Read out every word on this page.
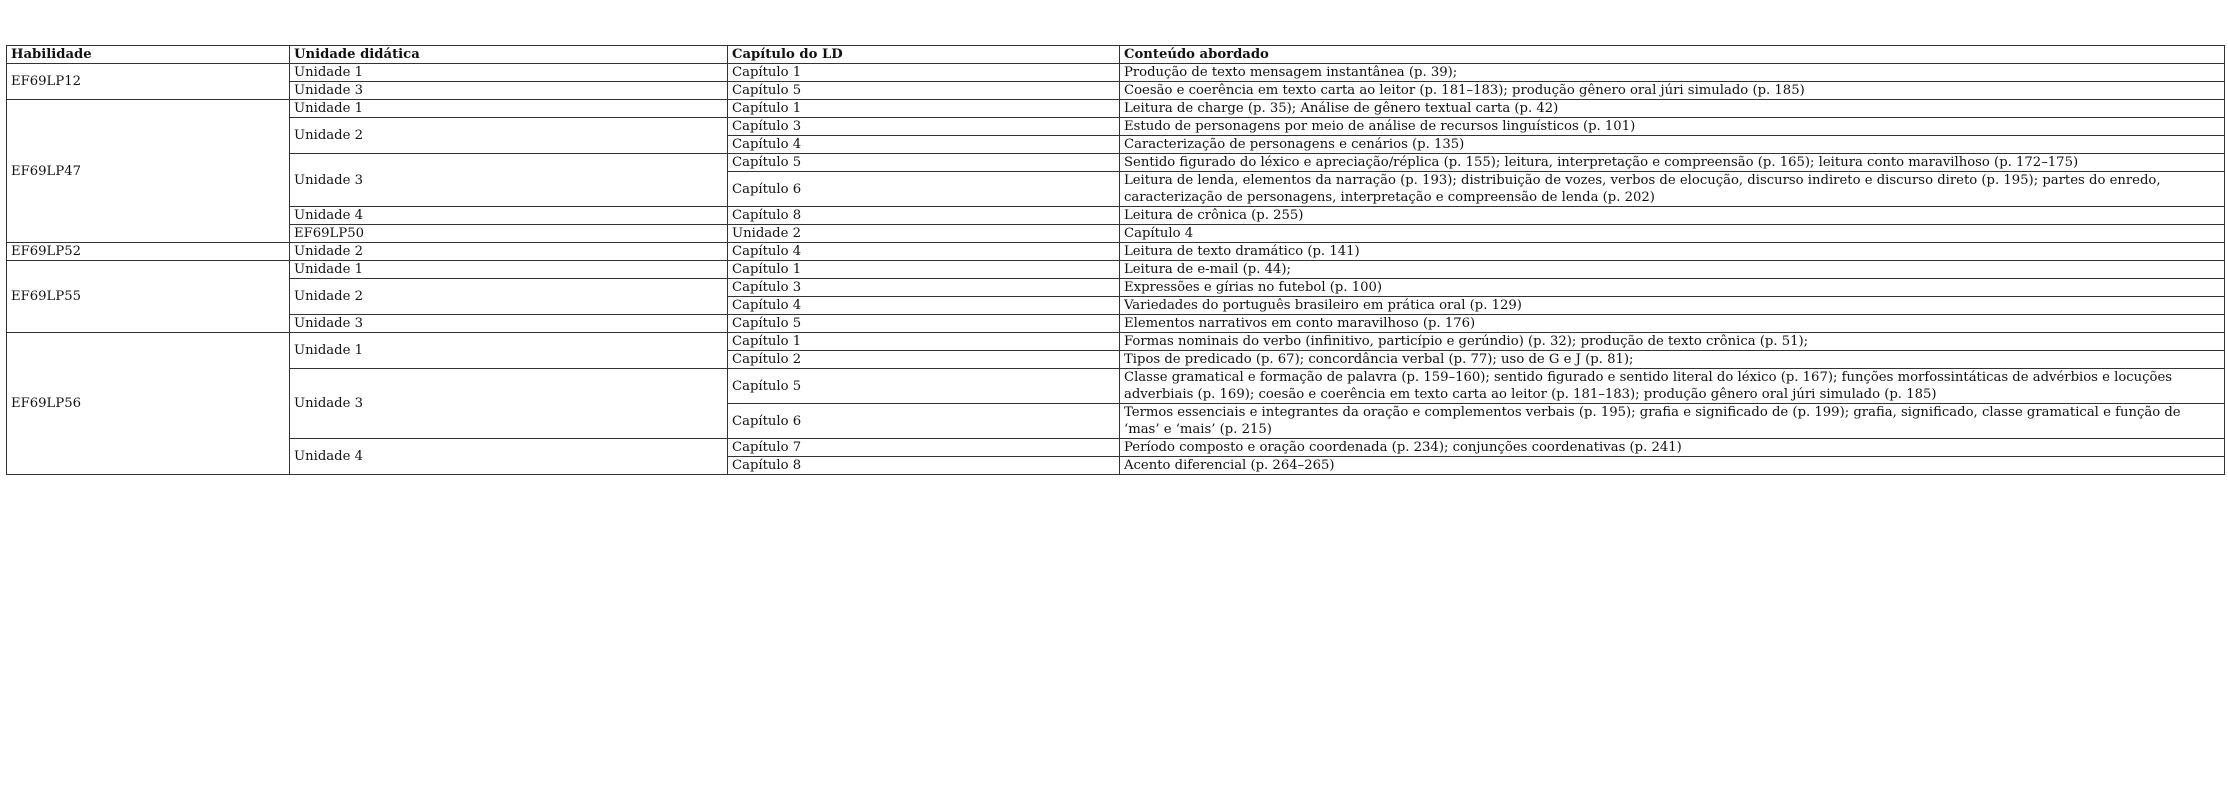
Habilidade	Unidade didática	Capítulo do LD	Conteúdo abordado	
EF69LP12	Unidade 1	Capítulo 1	Produção de texto mensagem instantânea (p. 39);	
	Unidade 3	Capítulo 5	Coesão e coerência em texto carta ao leitor (p. 181–183); produção gênero oral júri simulado (p. 185)	
EF69LP47	Unidade 1	Capítulo 1	Leitura de charge (p. 35); Análise de gênero textual carta (p. 42)	
	Unidade 2	Capítulo 3	Estudo de personagens por meio de análise de recursos linguísticos (p. 101)	
		Capítulo 4	Caracterização de personagens e cenários (p. 135)	
	Unidade 3	Capítulo 5	Sentido figurado do léxico e apreciação/réplica (p. 155); leitura, interpretação e compreensão (p. 165); leitura conto maravilhoso (p. 172–175)	
		Capítulo 6	Leitura de lenda, elementos da narração (p. 193); distribuição de vozes, verbos de elocução, discurso indireto e discurso direto (p. 195); partes do enredo, caracterização de personagens, interpretação e compreensão de lenda (p. 202)	
	Unidade 4	Capítulo 8	Leitura de crônica (p. 255)	
	EF69LP50	Unidade 2	Capítulo 4	
EF69LP52	Unidade 2	Capítulo 4	Leitura de texto dramático (p. 141)	
EF69LP55	Unidade 1	Capítulo 1	Leitura de e-mail (p. 44);	
	Unidade 2	Capítulo 3	Expressões e gírias no futebol (p. 100)	
		Capítulo 4	Variedades do português brasileiro em prática oral (p. 129)	
	Unidade 3	Capítulo 5	Elementos narrativos em conto maravilhoso (p. 176)	
EF69LP56	Unidade 1	Capítulo 1	Formas nominais do verbo (infinitivo, particípio e gerúndio) (p. 32); produção de texto crônica (p. 51);	
		Capítulo 2	Tipos de predicado (p. 67); concordância verbal (p. 77); uso de G e J (p. 81);	
	Unidade 3	Capítulo 5	Classe gramatical e formação de palavra (p. 159–160); sentido figurado e sentido literal do léxico (p. 167); funções morfossintáticas de advérbios e locuções adverbiais (p. 169); coesão e coerência em texto carta ao leitor (p. 181–183); produção gênero oral júri simulado (p. 185)	
		Capítulo 6	Termos essenciais e integrantes da oração e complementos verbais (p. 195); grafia e significado de (p. 199); grafia, significado, classe gramatical e função de ‘mas’ e ‘mais’ (p. 215)	
	Unidade 4	Capítulo 7	Período composto e oração coordenada (p. 234); conjunções coordenativas (p. 241)	
		Capítulo 8	Acento diferencial (p. 264–265)	
